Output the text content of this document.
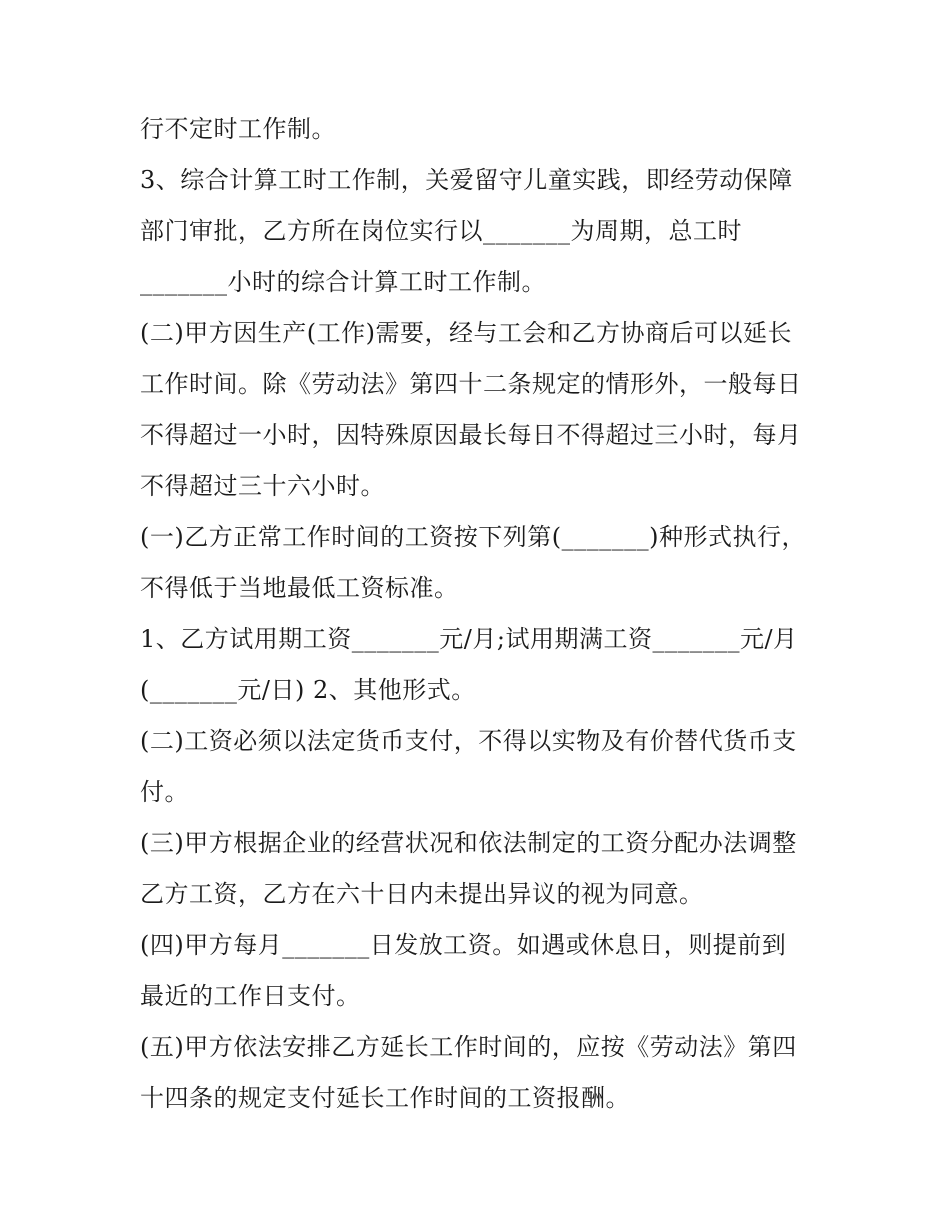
行不定时工作制。
3、综合计算工时工作制，关爱留守儿童实践，即经劳动保障
部门审批，乙方所在岗位实行以_______为周期，总工时
_______小时的综合计算工时工作制。
(二)甲方因生产(工作)需要，经与工会和乙方协商后可以延长
工作时间。除《劳动法》第四十二条规定的情形外，一般每日
不得超过一小时，因特殊原因最长每日不得超过三小时，每月
不得超过三十六小时。
(一)乙方正常工作时间的工资按下列第(_______)种形式执行，
不得低于当地最低工资标准。
1、乙方试用期工资_______元/月;试用期满工资_______元/月
(_______元/日) 2、其他形式。
(二)工资必须以法定货币支付，不得以实物及有价替代货币支
付。
(三)甲方根据企业的经营状况和依法制定的工资分配办法调整
乙方工资，乙方在六十日内未提出异议的视为同意。
(四)甲方每月_______日发放工资。如遇或休息日，则提前到
最近的工作日支付。
(五)甲方依法安排乙方延长工作时间的，应按《劳动法》第四
十四条的规定支付延长工作时间的工资报酬。
